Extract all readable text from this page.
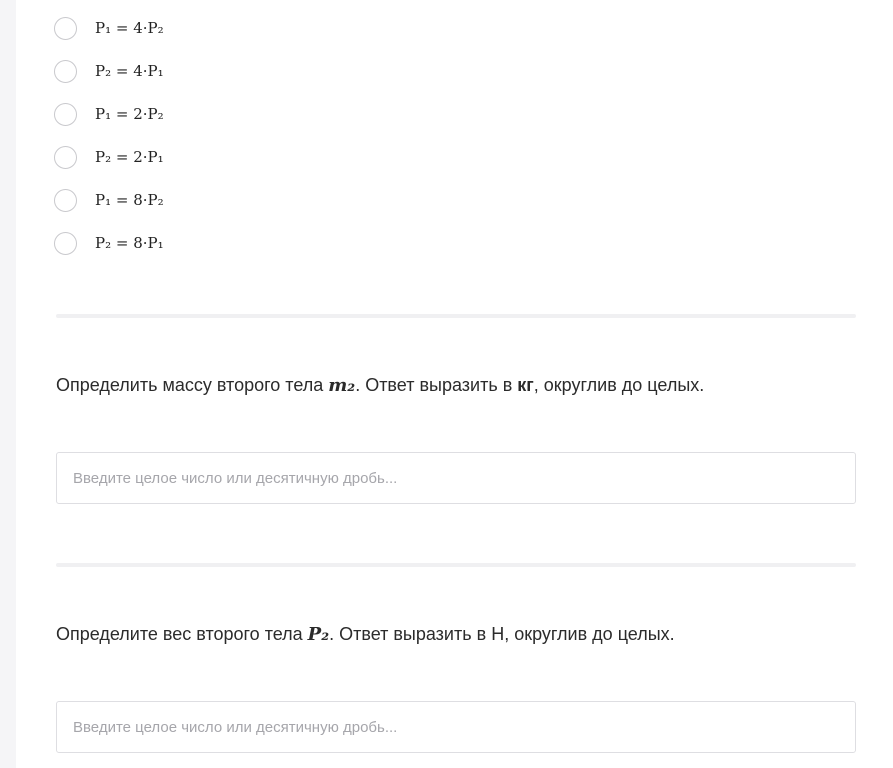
P₁ = 4·P₂
P₂ = 4·P₁
P₁ = 2·P₂
P₂ = 2·P₁
P₁ = 8·P₂
P₂ = 8·P₁
Определить массу второго тела m₂. Ответ выразить в кг, округлив до целых.
Введите целое число или десятичную дробь...
Определите вес второго тела P₂. Ответ выразить в Н, округлив до целых.
Введите целое число или десятичную дробь...
